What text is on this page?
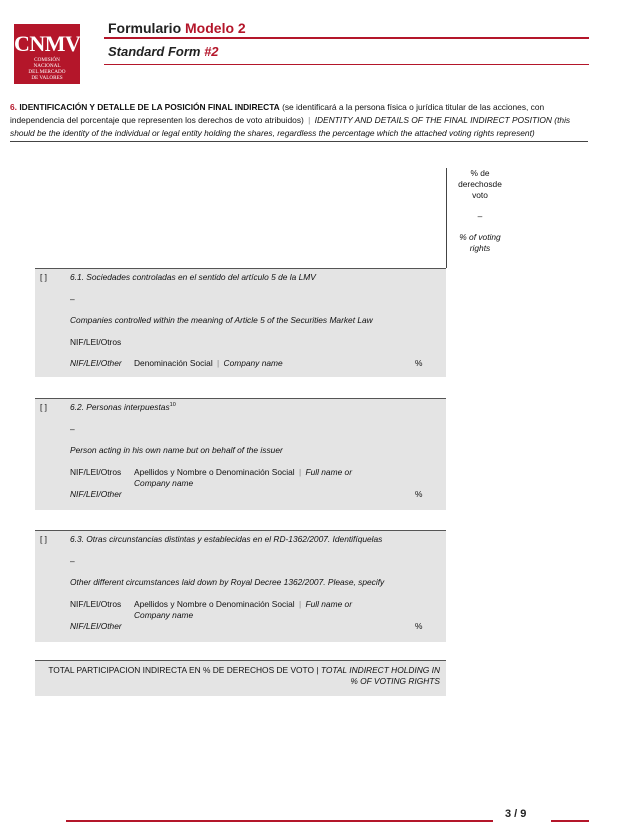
CNMV
COMISIÓN
NACIONAL
DEL MERCADO
DE VALORES
Formulario Modelo 2
Standard Form #2
6. IDENTIFICACIÓN Y DETALLE DE LA POSICIÓN FINAL INDIRECTA (se identificará a la persona física o jurídica titular de las acciones, con independencia del porcentaje que representen los derechos de voto atribuidos) | IDENTITY AND DETAILS OF THE FINAL INDIRECT POSITION (this should be the identity of the individual or legal entity holding the shares, regardless the percentage which the attached voting rights represent)
% de
derechosde
voto
–
% of voting
rights
[ ]	6.1. Sociedades controladas en el sentido del artículo 5 de la LMV
–
Companies controlled within the meaning of Article 5 of the Securities Market Law
NIF/LEI/Otros
NIF/LEI/Other Denominación Social | Company name	%
[ ]	6.2. Personas interpuestas$^{10}$
–
Person acting in his own name but on behalf of the issuer
NIF/LEI/Otros Apellidos y Nombre o Denominación Social | Full name or
Company name
NIF/LEI/Other	%
[ ]	6.3. Otras circunstancias distintas y establecidas en el RD-1362/2007. Identifíquelas
–
Other different circumstances laid down by Royal Decree 1362/2007. Please, specify
NIF/LEI/Otros Apellidos y Nombre o Denominación Social | Full name or
Company name
NIF/LEI/Other	%
TOTAL PARTICIPACION INDIRECTA EN % DE DERECHOS DE VOTO | TOTAL INDIRECT HOLDING IN % OF VOTING RIGHTS
3 / 9
